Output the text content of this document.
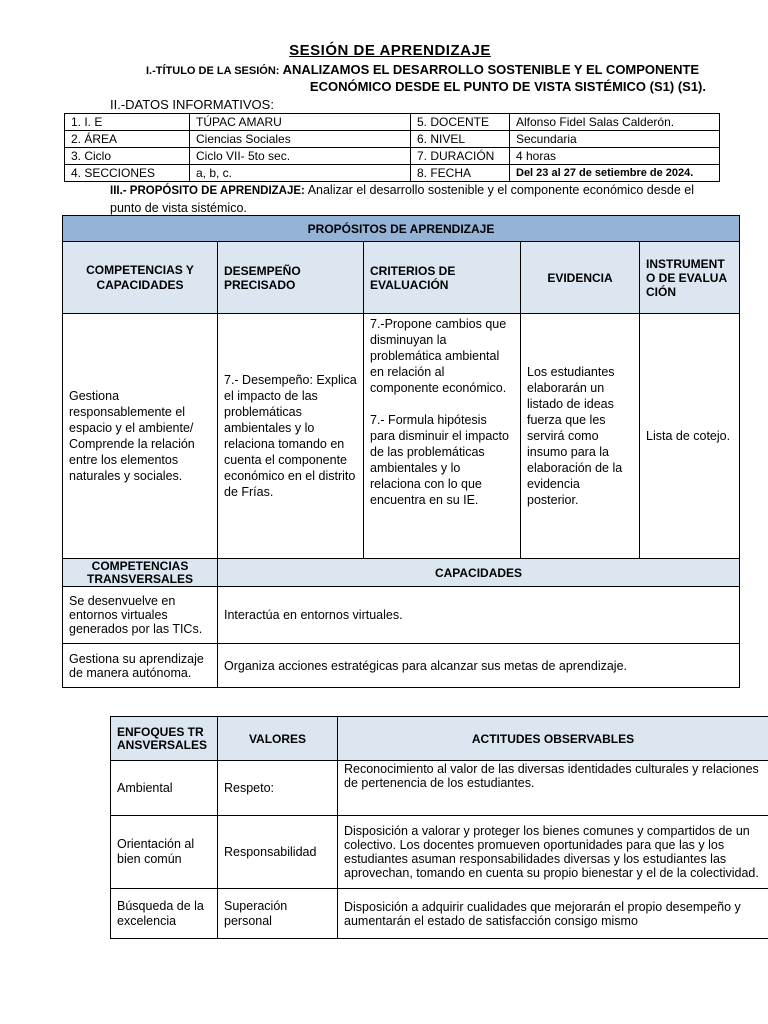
SESIÓN DE APRENDIZAJE
I.-TÍTULO DE LA SESIÓN: ANALIZAMOS EL DESARROLLO SOSTENIBLE Y EL COMPONENTE
ECONÓMICO DESDE EL PUNTO DE VISTA SISTÉMICO (S1) (S1).
II.-DATOS INFORMATIVOS:
1. I. E	TÚPAC AMARU	5. DOCENTE	Alfonso Fidel Salas Calderón.
2. ÁREA	Ciencias Sociales	6. NIVEL	Secundaria
3. Ciclo	Ciclo VII- 5to sec.	7. DURACIÓN	4 horas
4. SECCIONES	a, b, c.	8. FECHA	Del 23 al 27 de setiembre de 2024.
III.- PROPÓSITO DE APRENDIZAJE: Analizar el desarrollo sostenible y el componente económico desde el
punto de vista sistémico.
PROPÓSITOS DE APRENDIZAJE				
COMPETENCIAS Y CAPACIDADES	DESEMPEÑO PRECISADO	CRITERIOS DE EVALUACIÓN	EVIDENCIA	INSTRUMENTO DE EVALUACIÓN
Gestiona responsablemente el espacio y el ambiente/ Comprende la relación entre los elementos naturales y sociales.	7.- Desempeño: Explica el impacto de las problemáticas ambientales y lo relaciona tomando en cuenta el componente económico en el distrito de Frías.	7.-Propone cambios que disminuyan la problemática ambiental en relación al componente económico.
7.- Formula hipótesis para disminuir el impacto de las problemáticas ambientales y lo relaciona con lo que encuentra en su IE.	Los estudiantes elaborarán un listado de ideas fuerza que les servirá como insumo para la elaboración de la evidencia posterior.	Lista de cotejo.
COMPETENCIAS TRANSVERSALES	CAPACIDADES			
Se desenvuelve en entornos virtuales generados por las TICs.	Interactúa en entornos virtuales.			
Gestiona su aprendizaje de manera autónoma.	Organiza acciones estratégicas para alcanzar sus metas de aprendizaje.			
ENFOQUES TRANSVERSALES	VALORES	ACTITUDES OBSERVABLES
Ambiental	Respeto:	Reconocimiento al valor de las diversas identidades culturales y relaciones de pertenencia de los estudiantes.
Orientación al bien común	Responsabilidad	Disposición a valorar y proteger los bienes comunes y compartidos de un colectivo. Los docentes promueven oportunidades para que las y los estudiantes asuman responsabilidades diversas y los estudiantes las aprovechan, tomando en cuenta su propio bienestar y el de la colectividad.
Búsqueda de la excelencia	Superación personal	Disposición a adquirir cualidades que mejorarán el propio desempeño y aumentarán el estado de satisfacción consigo mismo
